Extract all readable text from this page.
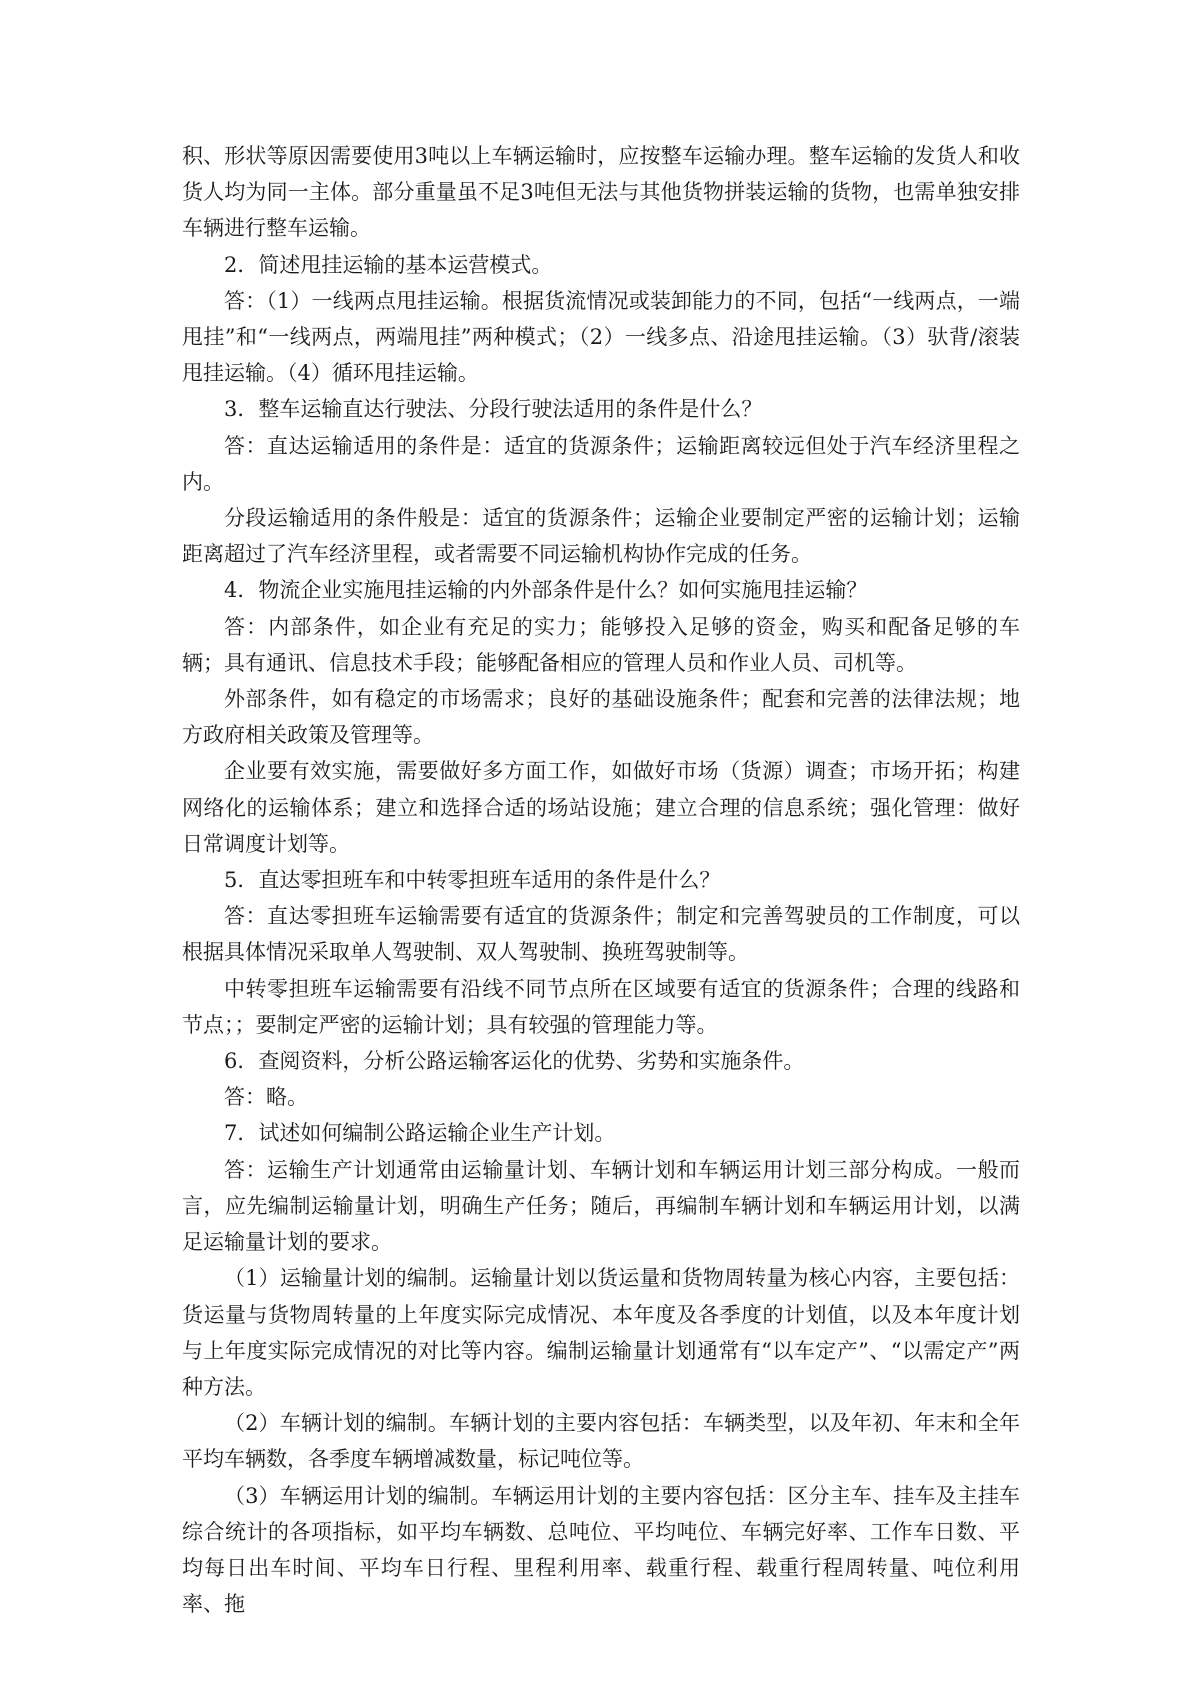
积、形状等原因需要使用3吨以上车辆运输时，应按整车运输办理。整车运输的发货人和收货人均为同一主体。部分重量虽不足3吨但无法与其他货物拼装运输的货物，也需单独安排车辆进行整车运输。

2．简述甩挂运输的基本运营模式。

答：（1）一线两点甩挂运输。根据货流情况或装卸能力的不同，包括“一线两点，一端甩挂”和“一线两点，两端甩挂”两种模式；（2）一线多点、沿途甩挂运输。（3）驮背/滚装甩挂运输。（4）循环甩挂运输。

3．整车运输直达行驶法、分段行驶法适用的条件是什么？

答：直达运输适用的条件是：适宜的货源条件；运输距离较远但处于汽车经济里程之内。

分段运输适用的条件般是：适宜的货源条件；运输企业要制定严密的运输计划；运输距离超过了汽车经济里程，或者需要不同运输机构协作完成的任务。

4．物流企业实施甩挂运输的内外部条件是什么？如何实施甩挂运输？

答：内部条件，如企业有充足的实力；能够投入足够的资金，购买和配备足够的车辆；具有通讯、信息技术手段；能够配备相应的管理人员和作业人员、司机等。

外部条件，如有稳定的市场需求；良好的基础设施条件；配套和完善的法律法规；地方政府相关政策及管理等。

企业要有效实施，需要做好多方面工作，如做好市场（货源）调查；市场开拓；构建网络化的运输体系；建立和选择合适的场站设施；建立合理的信息系统；强化管理：做好日常调度计划等。

5．直达零担班车和中转零担班车适用的条件是什么？

答：直达零担班车运输需要有适宜的货源条件；制定和完善驾驶员的工作制度，可以根据具体情况采取单人驾驶制、双人驾驶制、换班驾驶制等。

中转零担班车运输需要有沿线不同节点所在区域要有适宜的货源条件；合理的线路和节点；；要制定严密的运输计划；具有较强的管理能力等。

6．查阅资料，分析公路运输客运化的优势、劣势和实施条件。

答：略。

7．试述如何编制公路运输企业生产计划。

答：运输生产计划通常由运输量计划、车辆计划和车辆运用计划三部分构成。一般而言，应先编制运输量计划，明确生产任务；随后，再编制车辆计划和车辆运用计划，以满足运输量计划的要求。

（1）运输量计划的编制。运输量计划以货运量和货物周转量为核心内容，主要包括：货运量与货物周转量的上年度实际完成情况、本年度及各季度的计划值，以及本年度计划与上年度实际完成情况的对比等内容。编制运输量计划通常有“以车定产”、“以需定产”两种方法。

（2）车辆计划的编制。车辆计划的主要内容包括：车辆类型，以及年初、年末和全年平均车辆数，各季度车辆增减数量，标记吨位等。

（3）车辆运用计划的编制。车辆运用计划的主要内容包括：区分主车、挂车及主挂车综合统计的各项指标，如平均车辆数、总吨位、平均吨位、车辆完好率、工作车日数、平均每日出车时间、平均车日行程、里程利用率、载重行程、载重行程周转量、吨位利用率、拖
